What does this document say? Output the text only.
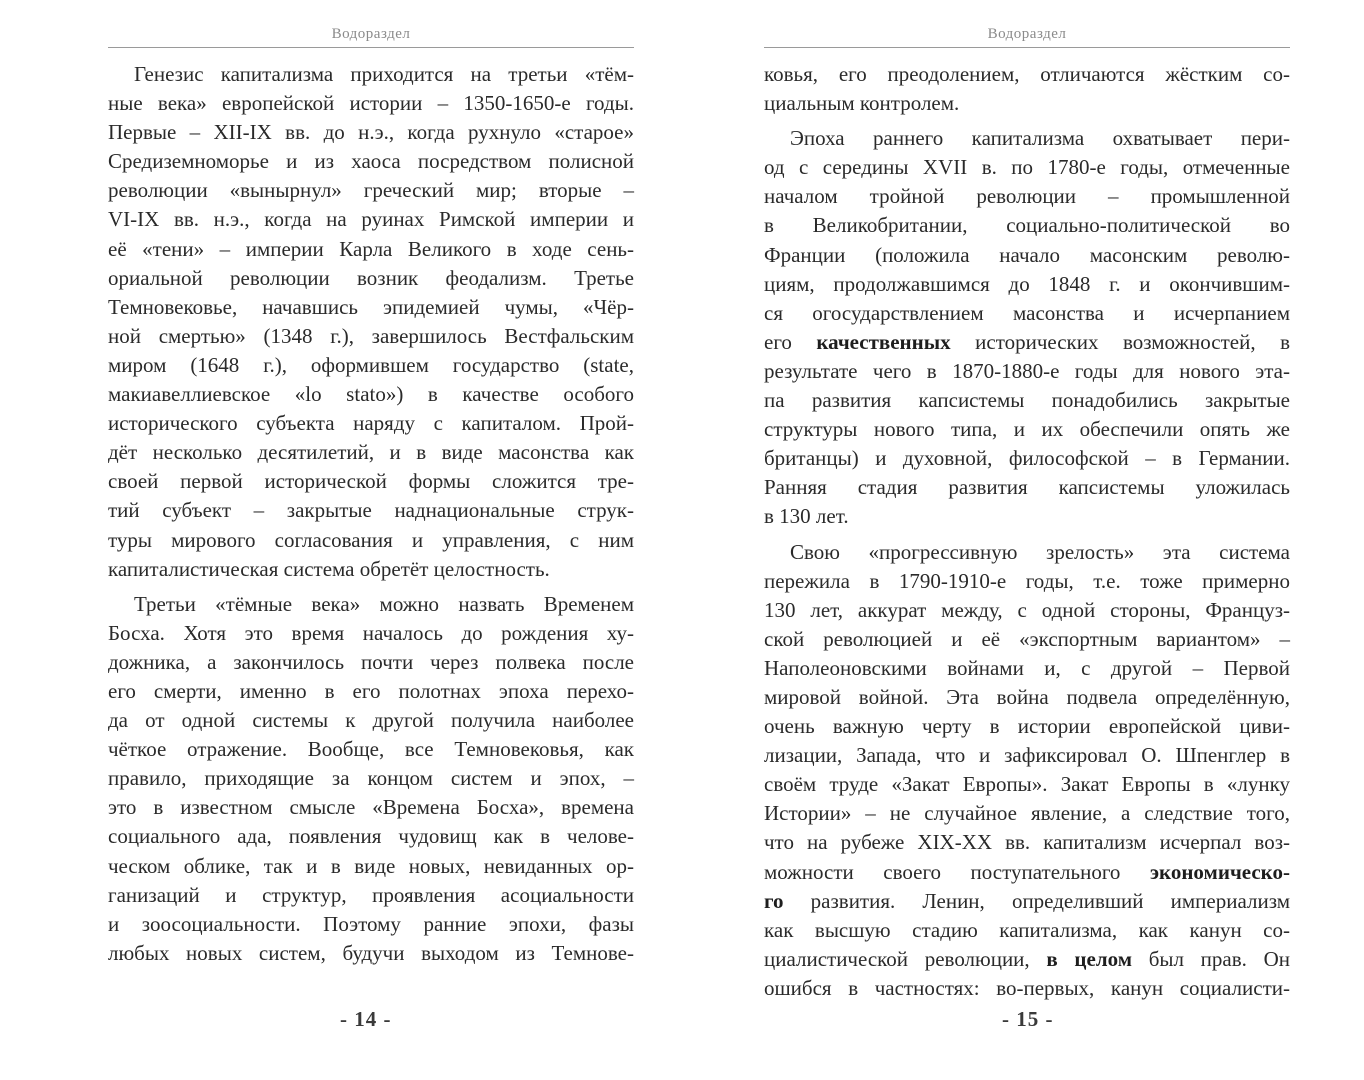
Водораздел

Генезис капитализма приходится на третьи «тём-
ные века» европейской истории – 1350-1650-е годы.
Первые – XII-IX вв. до н.э., когда рухнуло «старое»
Средиземноморье и из хаоса посредством полисной
революции «вынырнул» греческий мир; вторые –
VI-IX вв. н.э., когда на руинах Римской империи и
её «тени» – империи Карла Великого в ходе сень-
ориальной революции возник феодализм. Третье
Темновековье, начавшись эпидемией чумы, «Чёр-
ной смертью» (1348 г.), завершилось Вестфальским
миром (1648 г.), оформившем государство (state,
макиавеллиевское «lo stato») в качестве особого
исторического субъекта наряду с капиталом. Прой-
дёт несколько десятилетий, и в виде масонства как
своей первой исторической формы сложится тре-
тий субъект – закрытые наднациональные струк-
туры мирового согласования и управления, с ним
капиталистическая система обретёт целостность.

Третьи «тёмные века» можно назвать Временем
Босха. Хотя это время началось до рождения ху-
дожника, а закончилось почти через полвека после
его смерти, именно в его полотнах эпоха перехо-
да от одной системы к другой получила наиболее
чёткое отражение. Вообще, все Темновековья, как
правило, приходящие за концом систем и эпох, –
это в известном смысле «Времена Босха», времена
социального ада, появления чудовищ как в челове-
ческом облике, так и в виде новых, невиданных ор-
ганизаций и структур, проявления асоциальности
и зоосоциальности. Поэтому ранние эпохи, фазы
любых новых систем, будучи выходом из Темнове-

- 14 -
Водораздел

ковья, его преодолением, отличаются жёстким со-
циальным контролем.

Эпоха раннего капитализма охватывает пери-
од с середины XVII в. по 1780-е годы, отмеченные
началом тройной революции – промышленной
в Великобритании, социально-политической во
Франции (положила начало масонским револю-
циям, продолжавшимся до 1848 г. и окончившим-
ся огосударствлением масонства и исчерпанием
его качественных исторических возможностей, в
результате чего в 1870-1880-е годы для нового эта-
па развития капсистемы понадобились закрытые
структуры нового типа, и их обеспечили опять же
британцы) и духовной, философской – в Германии.
Ранняя стадия развития капсистемы уложилась
в 130 лет.

Свою «прогрессивную зрелость» эта система
пережила в 1790-1910-е годы, т.е. тоже примерно
130 лет, аккурат между, с одной стороны, Француз-
ской революцией и её «экспортным вариантом» –
Наполеоновскими войнами и, с другой – Первой
мировой войной. Эта война подвела определённую,
очень важную черту в истории европейской циви-
лизации, Запада, что и зафиксировал О. Шпенглер в
своём труде «Закат Европы». Закат Европы в «лунку
Истории» – не случайное явление, а следствие того,
что на рубеже XIX-XX вв. капитализм исчерпал воз-
можности своего поступательного экономическо-
го развития. Ленин, определивший империализм
как высшую стадию капитализма, как канун со-
циалистической революции, в целом был прав. Он
ошибся в частностях: во-первых, канун социалисти-

- 15 -
